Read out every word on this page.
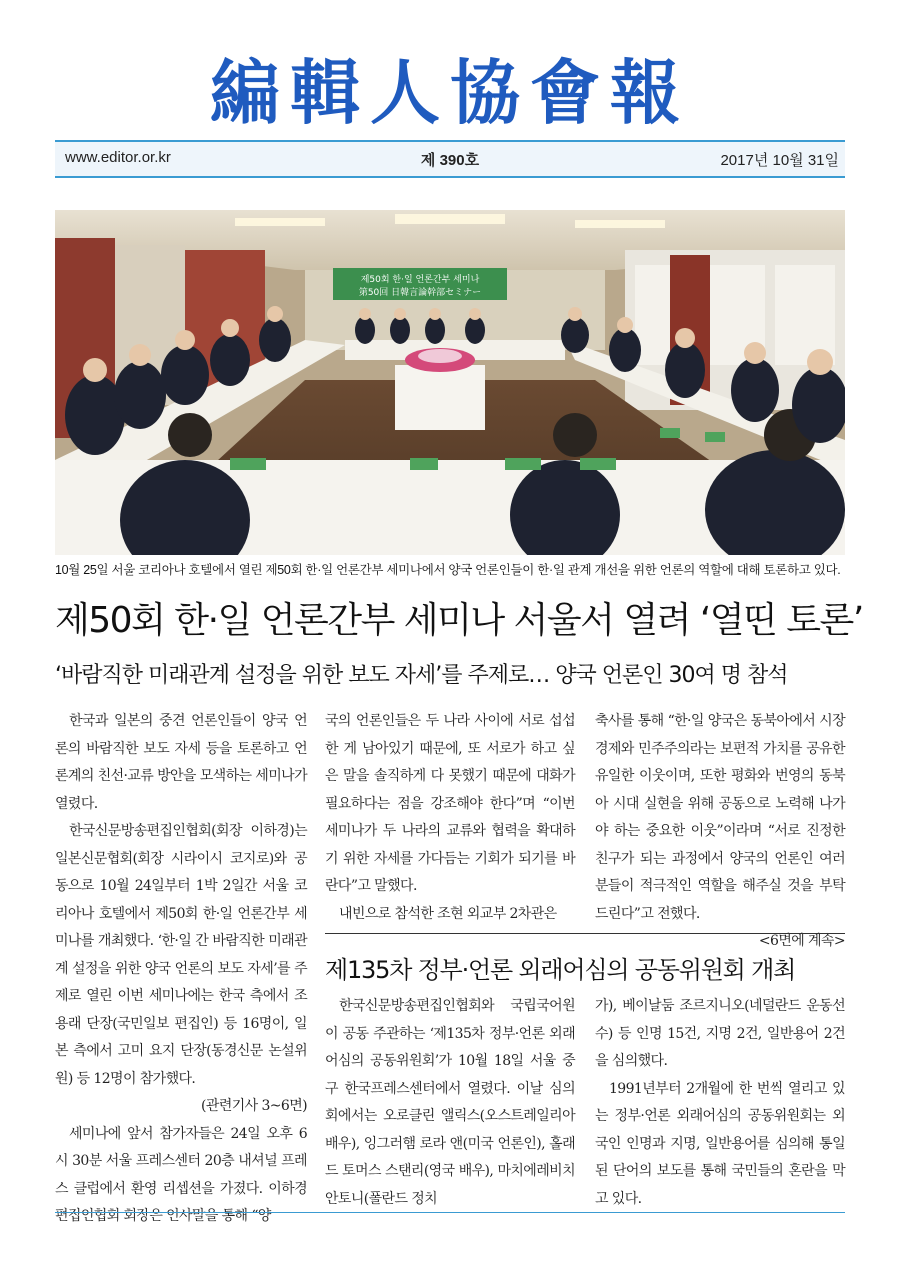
編輯人協會報
www.editor.or.kr	제 390호	2017년 10월 31일
제50회 한·일 언론간부 세미나
第50回 日韓言論幹部セミナー
10월 25일 서울 코리아나 호텔에서 열린 제50회 한·일 언론간부 세미나에서 양국 언론인들이 한·일 관계 개선을 위한 언론의 역할에 대해 토론하고 있다.
제50회 한·일 언론간부 세미나 서울서 열려 ‘열띤 토론’
‘바람직한 미래관계 설정을 위한 보도 자세’를 주제로… 양국 언론인 30여 명 참석

한국과 일본의 중견 언론인들이 양국 언론의 바람직한 보도 자세 등을 토론하고 언론계의 친선·교류 방안을 모색하는 세미나가 열렸다.

한국신문방송편집인협회(회장 이하경)는 일본신문협회(회장 시라이시 코지로)와 공동으로 10월 24일부터 1박 2일간 서울 코리아나 호텔에서 제50회 한·일 언론간부 세미나를 개최했다. ‘한·일 간 바람직한 미래관계 설정을 위한 양국 언론의 보도 자세’를 주제로 열린 이번 세미나에는 한국 측에서 조용래 단장(국민일보 편집인) 등 16명이, 일본 측에서 고미 요지 단장(동경신문 논설위원) 등 12명이 참가했다.

(관련기사 3~6면)

세미나에 앞서 참가자들은 24일 오후 6시 30분 서울 프레스센터 20층 내셔널 프레스 클럽에서 환영 리셉션을 가졌다. 이하경 편집인협회 회장은 인사말을 통해 “양

국의 언론인들은 두 나라 사이에 서로 섭섭한 게 남아있기 때문에, 또 서로가 하고 싶은 말을 솔직하게 다 못했기 때문에 대화가 필요하다는 점을 강조해야 한다”며 “이번 세미나가 두 나라의 교류와 협력을 확대하기 위한 자세를 가다듬는 기회가 되기를 바란다”고 말했다.

내빈으로 참석한 조현 외교부 2차관은

축사를 통해 “한·일 양국은 동북아에서 시장경제와 민주주의라는 보편적 가치를 공유한 유일한 이웃이며, 또한 평화와 번영의 동북아 시대 실현을 위해 공동으로 노력해 나가야 하는 중요한 이웃”이라며 “서로 진정한 친구가 되는 과정에서 양국의 언론인 여러분들이 적극적인 역할을 해주실 것을 부탁드린다”고 전했다.

<6면에 계속>

제135차 정부·언론 외래어심의 공동위원회 개최

한국신문방송편집인협회와 국립국어원이 공동 주관하는 ‘제135차 정부·언론 외래어심의 공동위원회’가 10월 18일 서울 중구 한국프레스센터에서 열렸다. 이날 심의회에서는 오로클린 앨릭스(오스트레일리아 배우), 잉그러햄 로라 앤(미국 언론인), 홀래드 토머스 스탠리(영국 배우), 마치에레비치 안토니(폴란드 정치

가), 베이날둠 조르지니오(네덜란드 운동선수) 등 인명 15건, 지명 2건, 일반용어 2건을 심의했다.

1991년부터 2개월에 한 번씩 열리고 있는 정부·언론 외래어심의 공동위원회는 외국인 인명과 지명, 일반용어를 심의해 통일된 단어의 보도를 통해 국민들의 혼란을 막고 있다.
